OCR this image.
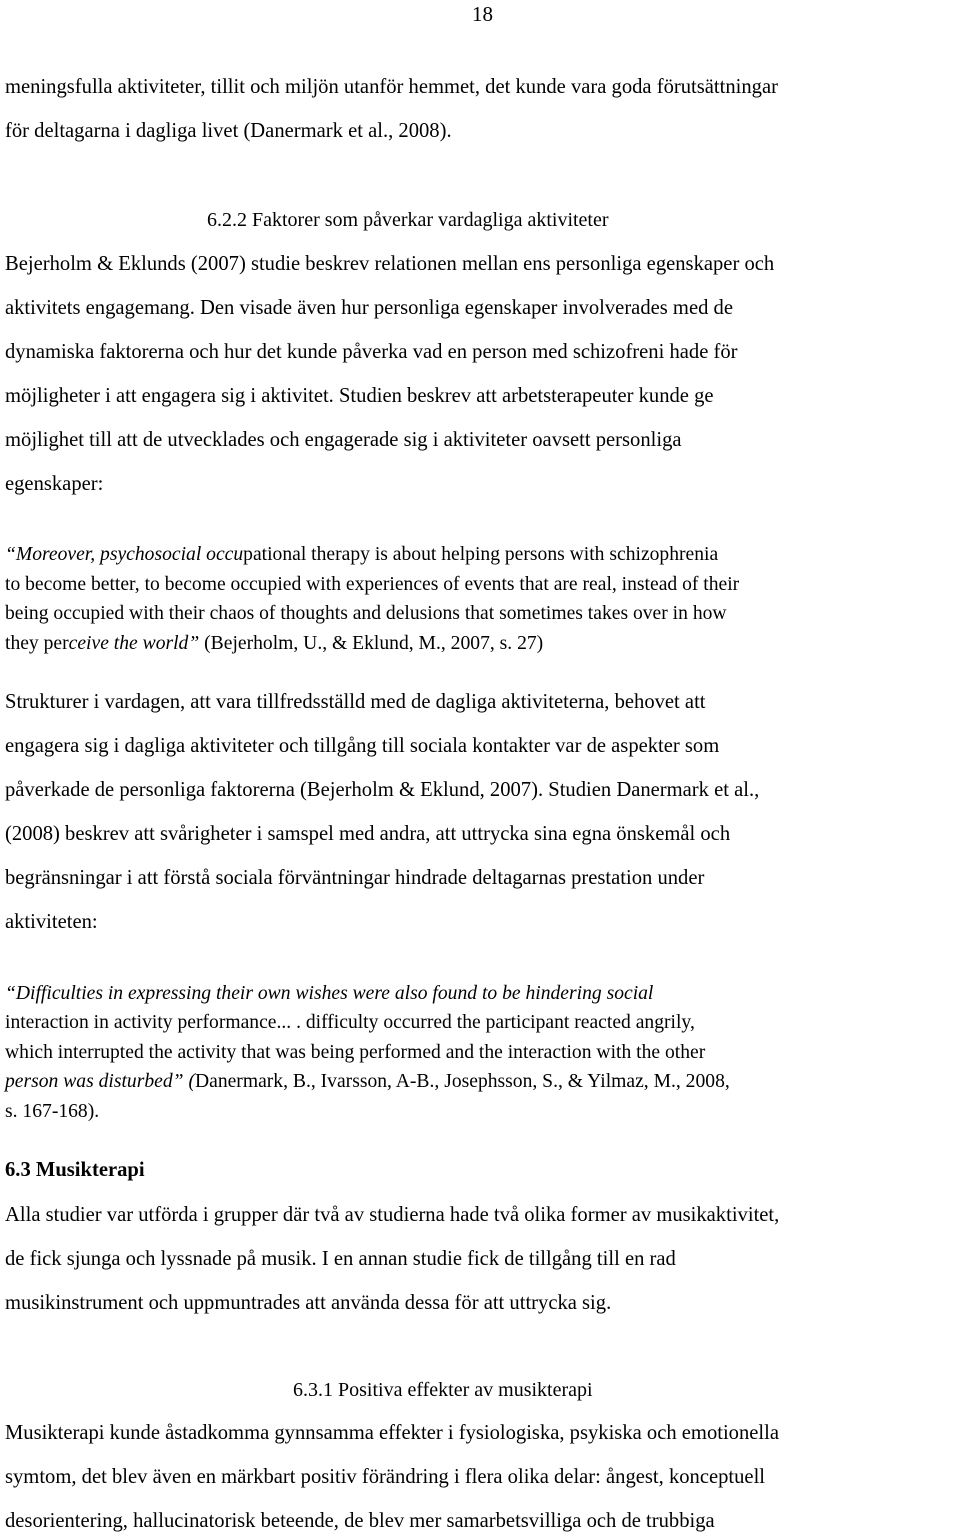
18

meningsfulla aktiviteter, tillit och miljön utanför hemmet, det kunde vara goda förutsättningar

för deltagarna i dagliga livet (Danermark et al., 2008).

6.2.2 Faktorer som påverkar vardagliga aktiviteter

Bejerholm & Eklunds (2007) studie beskrev relationen mellan ens personliga egenskaper och

aktivitets engagemang. Den visade även hur personliga egenskaper involverades med de

dynamiska faktorerna och hur det kunde påverka vad en person med schizofreni hade för

möjligheter i att engagera sig i aktivitet. Studien beskrev att arbetsterapeuter kunde ge

möjlighet till att de utvecklades och engagerade sig i aktiviteter oavsett personliga

egenskaper:

“Moreover, psychosocial occupational therapy is about helping persons with schizophrenia

to become better, to become occupied with experiences of events that are real, instead of their

being occupied with their chaos of thoughts and delusions that sometimes takes over in how

they perceive the world” (Bejerholm, U., & Eklund, M., 2007, s. 27)

Strukturer i vardagen, att vara tillfredsställd med de dagliga aktiviteterna, behovet att

engagera sig i dagliga aktiviteter och tillgång till sociala kontakter var de aspekter som

påverkade de personliga faktorerna (Bejerholm & Eklund, 2007). Studien Danermark et al.,

(2008) beskrev att svårigheter i samspel med andra, att uttrycka sina egna önskemål och

begränsningar i att förstå sociala förväntningar hindrade deltagarnas prestation under

aktiviteten:

“Difficulties in expressing their own wishes were also found to be hindering social

interaction in activity performance... . difficulty occurred the participant reacted angrily,

which interrupted the activity that was being performed and the interaction with the other

person was disturbed” (Danermark, B., Ivarsson, A-B., Josephsson, S., & Yilmaz, M., 2008,

s. 167-168).

6.3 Musikterapi

Alla studier var utförda i grupper där två av studierna hade två olika former av musikaktivitet,

de fick sjunga och lyssnade på musik. I en annan studie fick de tillgång till en rad

musikinstrument och uppmuntrades att använda dessa för att uttrycka sig.

6.3.1 Positiva effekter av musikterapi

Musikterapi kunde åstadkomma gynnsamma effekter i fysiologiska, psykiska och emotionella

symtom, det blev även en märkbart positiv förändring i flera olika delar: ångest, konceptuell

desorientering, hallucinatorisk beteende, de blev mer samarbetsvilliga och de trubbiga
